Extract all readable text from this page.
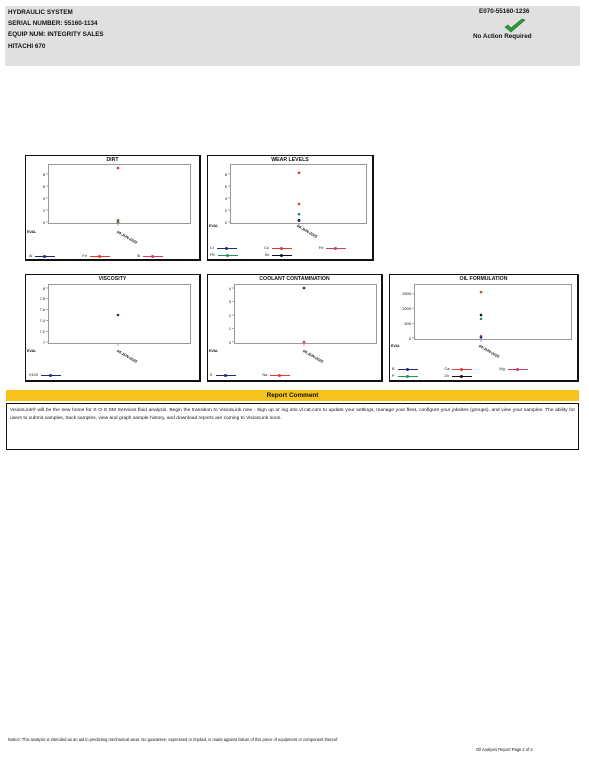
HYDRAULIC SYSTEM
SERIAL NUMBER: 55160-1134
EQUIP NUM: INTEGRITY SALES
HITACHI 670
E070-55160-1236
No Action Required
DIRT
EVAL	04-JUN-2025
Al	Fe	Si
0
2
4
6
8
WEAR LEVELS
EVAL	04-JUN-2025
Cr	Cu	Fe
Pb	Sn
0
2
4
6
8
VISCOSITY
EVAL	04-JUN-2025
V100
7
7.2
7.4
7.6
7.8
8
COOLANT CONTAMINATION
EVAL	04-JUN-2025
K	Na
0
1
2
3
4
OIL FORMULATION
EVAL	04-JUN-2025
B	Ca	Mg
P	Zn
0
500
1000
1500
Report Comment
VisionLink® will be the new home for S O·S SM Services fluid analysis. Begin the transition to VisionLink now - Sign up or log into vl.cat.com to update your settings, manage your fleet, configure your jobsites (groups), and view your samples. The ability for users to submit samples, track samples, view and graph sample history, and download reports are coming to VisionLink soon.
Notice: This analysis is intended as an aid in predicting mechanical wear. No guarantee, expressed or implied, is made against failure of this piece of equipment or component thereof.
Oil Analysis Report Page 2 of 2
